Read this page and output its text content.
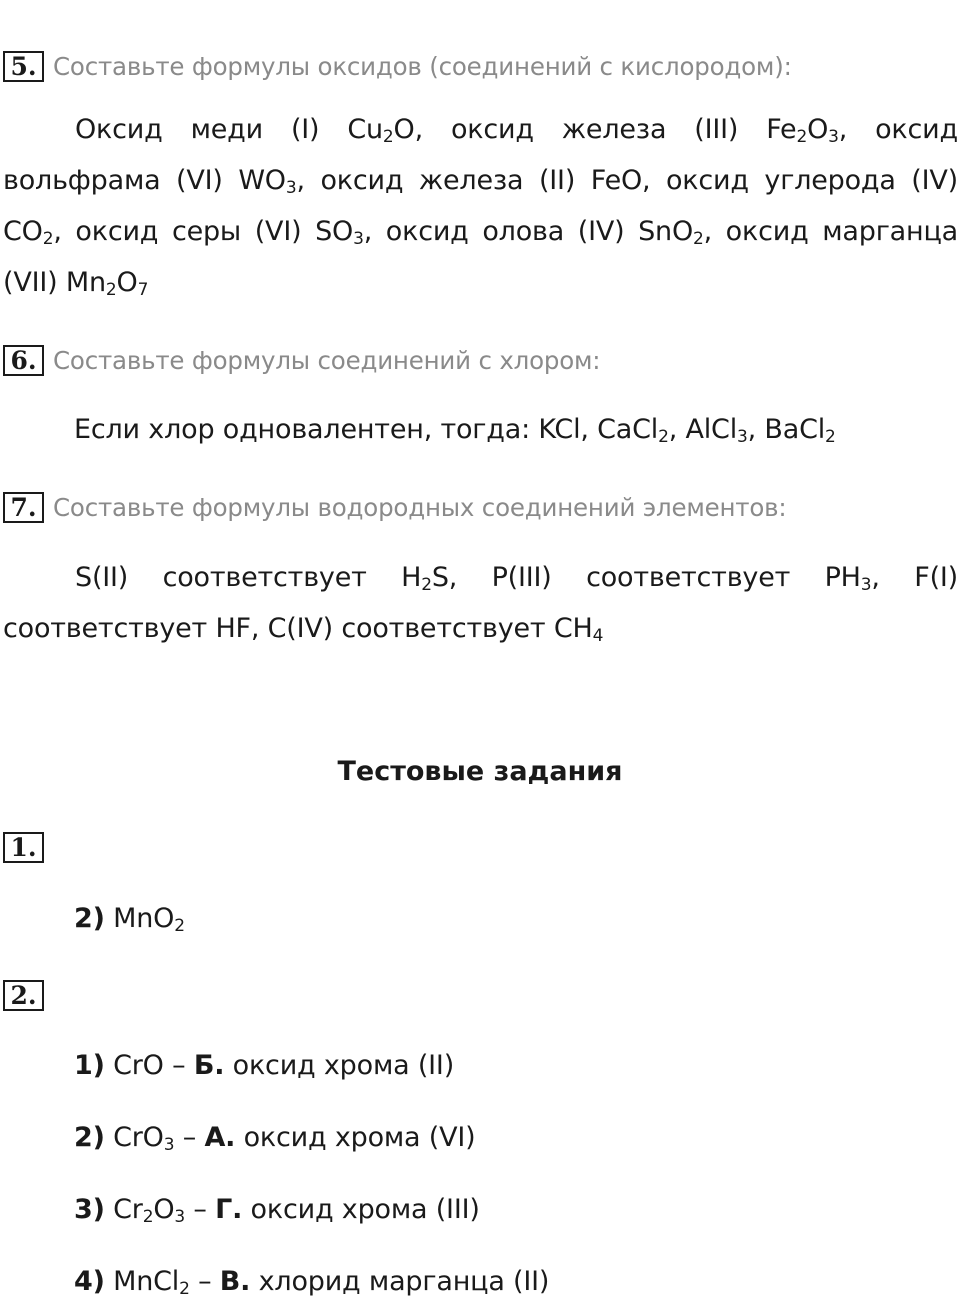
5. Составьте формулы оксидов (соединений с кислородом):
Оксид меди (I) $Cu_2O$, оксид железа (III) $Fe_2O_3$, оксид вольфрама (VI) $WO_3$, оксид железа (II) FeO, оксид углерода (IV) $CO_2$, оксид серы (VI) $SO_3$, оксид олова (IV) SnO$_2$, оксид марганца (VII) $Mn_2O_7$
6. Составьте формулы соединений с хлором:
Если хлор одновалентен, тогда: KCl, CaCl$_2$, AlCl$_3$, BaCl$_2$
7. Составьте формулы водородных соединений элементов:
S(II) соответствует $H_2S$, P(III) соответствует $PH_3$, F(I) соответствует HF, C(IV) соответствует $CH_4$
Тестовые задания
1.
2) MnO$_2$
2.
1) CrO – Б. оксид хрома (II)
2) CrO$_3$ – А. оксид хрома (VI)
3) $Cr_2O_3$ – Г. оксид хрома (III)
4) MnCl$_2$ – В. хлорид марганца (II)
